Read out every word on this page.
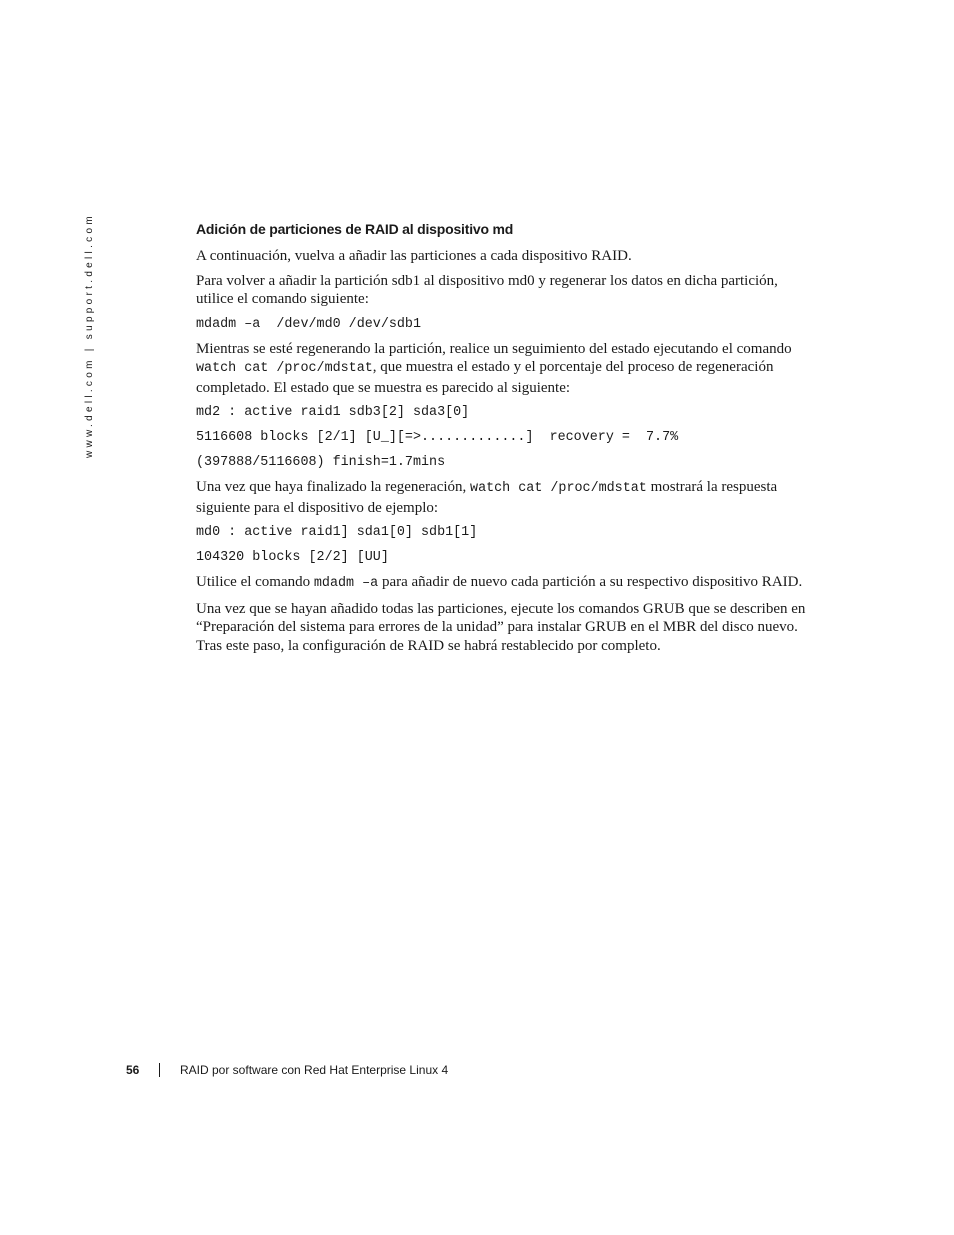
www.dell.com | support.dell.com	Adición de particiones de RAID al dispositivo md

A continuación, vuelva a añadir las particiones a cada dispositivo RAID.

Para volver a añadir la partición sdb1 al dispositivo md0 y regenerar los datos en dicha partición, utilice el comando siguiente:

mdadm –a  /dev/md0 /dev/sdb1

Mientras se esté regenerando la partición, realice un seguimiento del estado ejecutando el comando watch cat /proc/mdstat, que muestra el estado y el porcentaje del proceso de regeneración completado. El estado que se muestra es parecido al siguiente:

md2 : active raid1 sdb3[2] sda3[0]
5116608 blocks [2/1] [U_][=>.............]  recovery =  7.7%
(397888/5116608) finish=1.7mins

Una vez que haya finalizado la regeneración, watch cat /proc/mdstat mostrará la respuesta siguiente para el dispositivo de ejemplo:

md0 : active raid1] sda1[0] sdb1[1]
104320 blocks [2/2] [UU]

Utilice el comando mdadm –a para añadir de nuevo cada partición a su respectivo dispositivo RAID.

Una vez que se hayan añadido todas las particiones, ejecute los comandos GRUB que se describen en “Preparación del sistema para errores de la unidad” para instalar GRUB en el MBR del disco nuevo. Tras este paso, la configuración de RAID se habrá restablecido por completo.

56	RAID por software con Red Hat Enterprise Linux 4
